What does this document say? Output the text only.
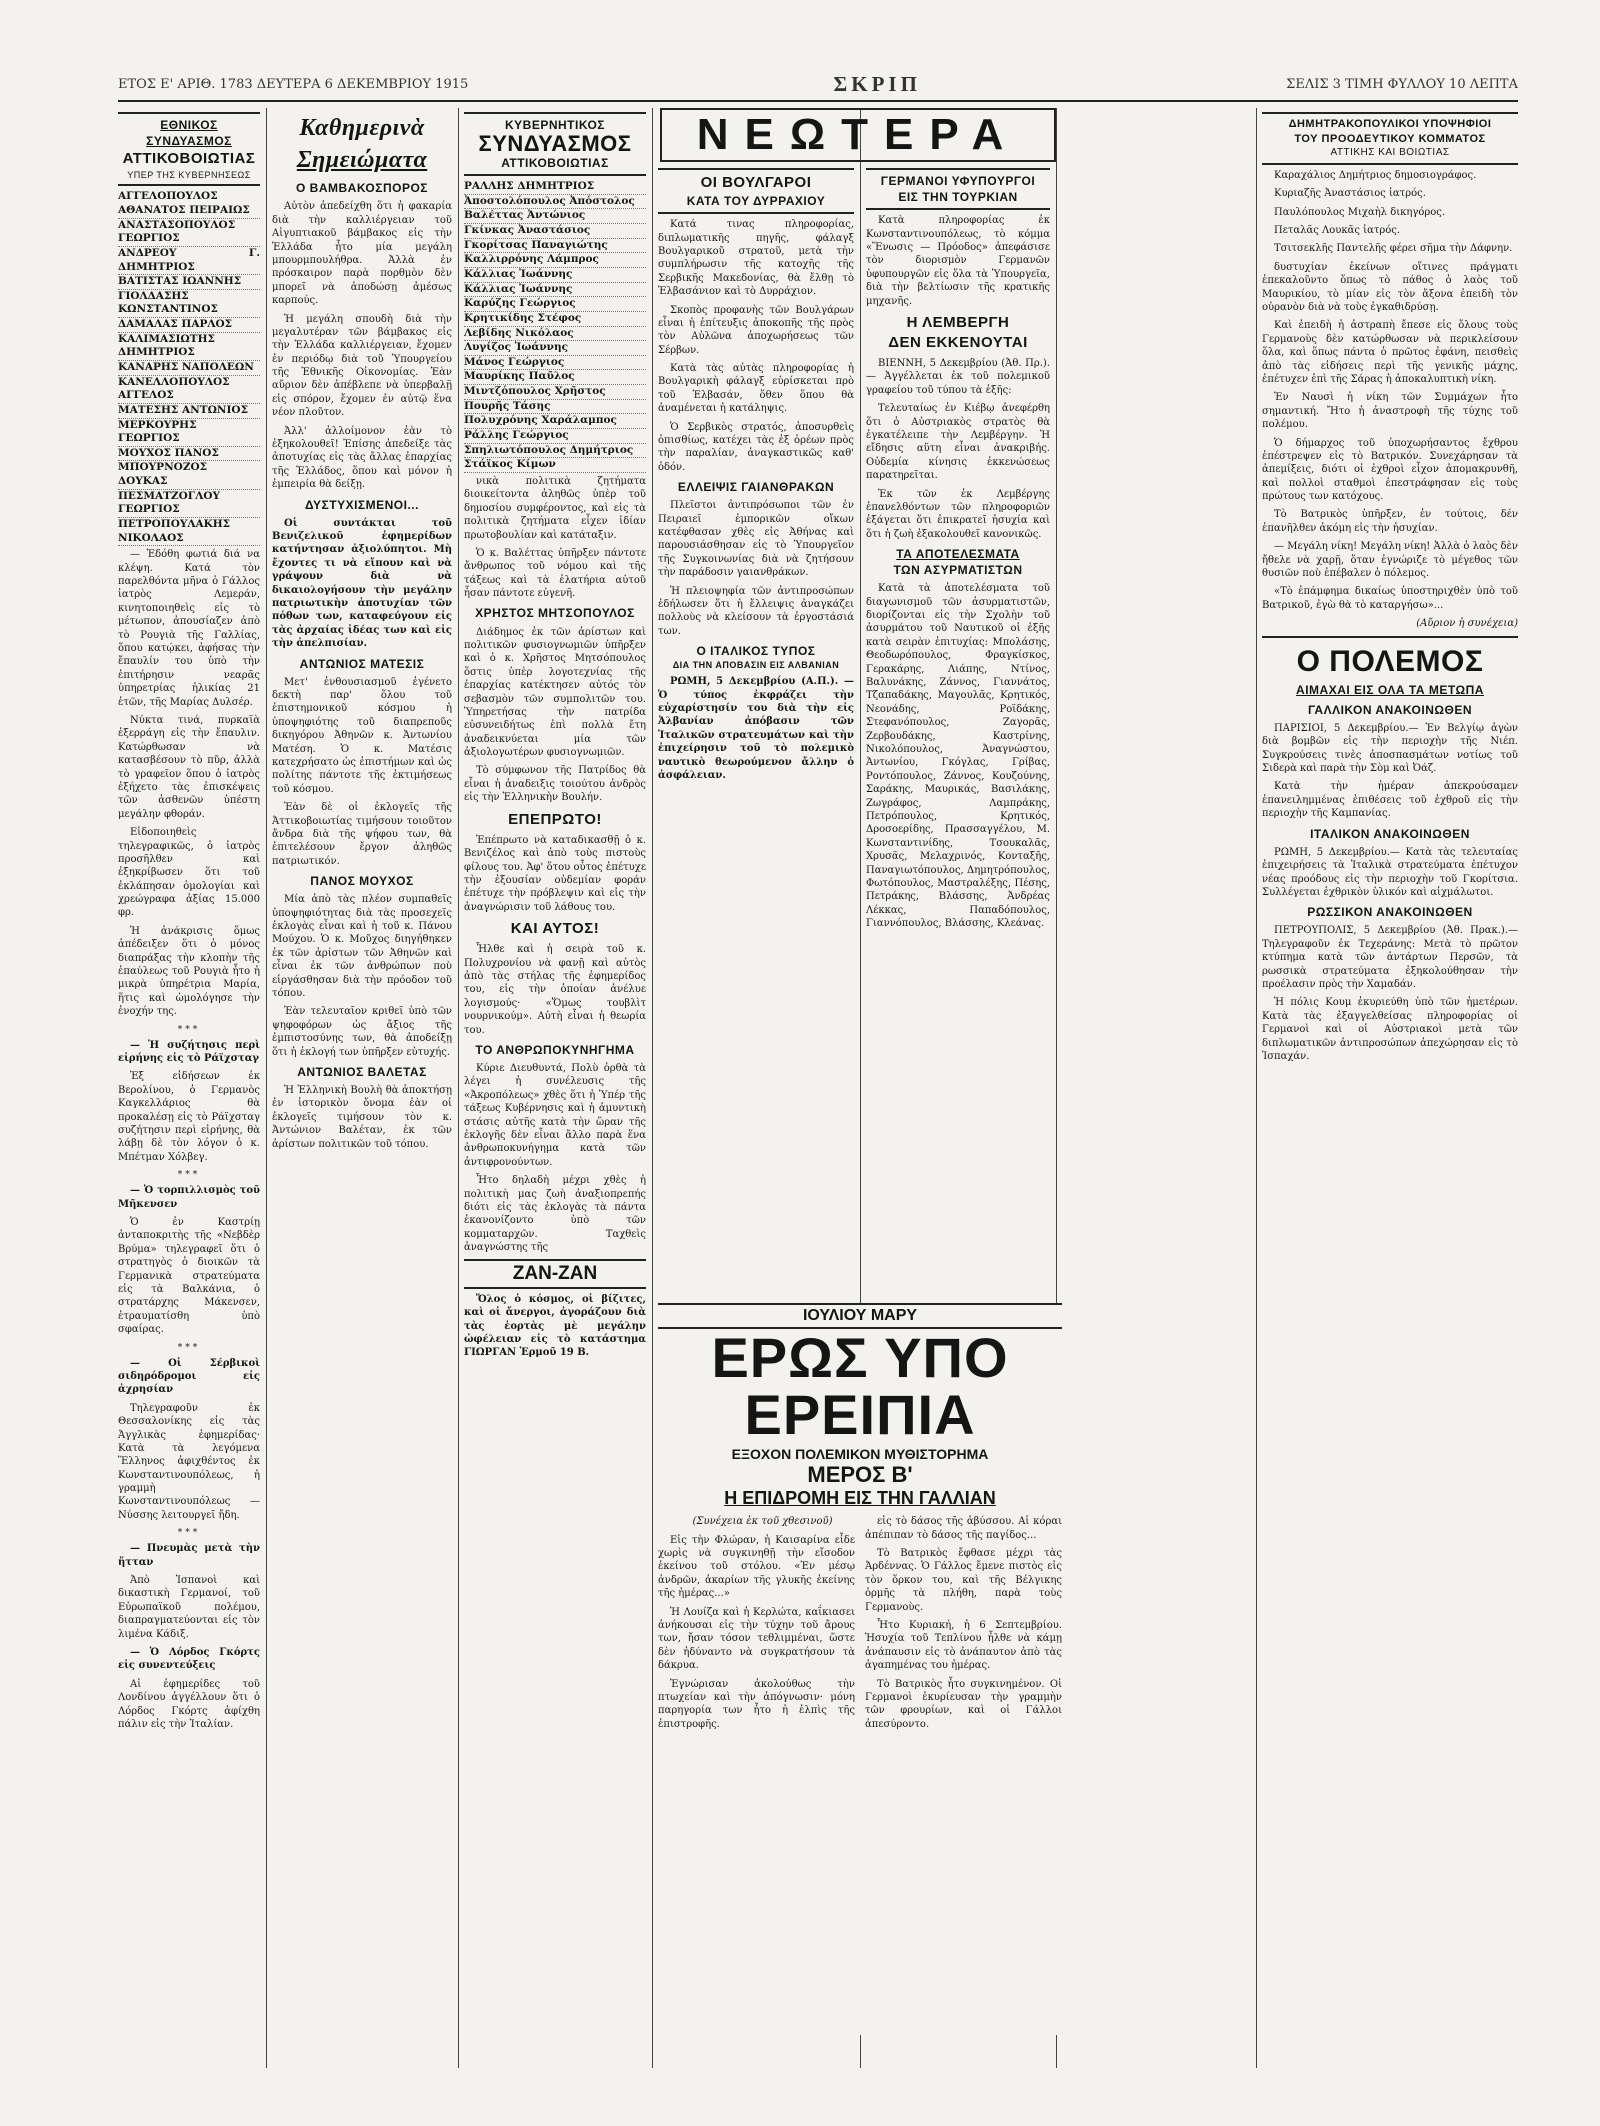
ΕΤΟΣ Ε' ΑΡΙΘ. 1783 ΔΕΥΤΕΡΑ 6 ΔΕΚΕΜΒΡΙΟΥ 1915	ΣΚΡΙΠ	ΣΕΛΙΣ 3 ΤΙΜΗ ΦΥΛΛΟΥ 10 ΛΕΠΤΑ
ΕΘΝΙΚΟΣ ΣΥΝΔΥΑΣΜΟΣ
ΑΤΤΙΚΟΒΟΙΩΤΙΑΣ
ΥΠΕΡ ΤΗΣ ΚΥΒΕΡΝΗΣΕΩΣ
ΑΓΓΕΛΟΠΟΥΛΟΣ ΑΘΑΝΑΤΟΣ ΠΕΙΡΑΙΩΣ
ΑΝΑΣΤΑΣΟΠΟΥΛΟΣ ΓΕΩΡΓΙΟΣ
ΑΝΔΡΕΟΥ Γ. ΔΗΜΗΤΡΙΟΣ
ΒΑΤΙΣΤΑΣ ΙΩΑΝΝΗΣ
ΓΙΟΛΔΑΣΗΣ ΚΩΝΣΤΑΝΤΙΝΟΣ
ΔΑΜΑΛΑΣ ΠΑΡΛΟΣ
ΚΑΛΙΜΑΣΙΩΤΗΣ ΔΗΜΗΤΡΙΟΣ
ΚΑΝΑΡΗΣ ΝΑΠΟΛΕΩΝ
ΚΑΝΕΛΛΟΠΟΥΛΟΣ ΑΓΓΕΛΟΣ
ΜΑΤΕΣΗΣ ΑΝΤΩΝΙΟΣ
ΜΕΡΚΟΥΡΗΣ ΓΕΩΡΓΙΟΣ
ΜΟΥΧΟΣ ΠΑΝΟΣ
ΜΠΟΥΡΝΟΖΟΣ ΔΟΥΚΑΣ
ΠΕΣΜΑΤΖΟΓΛΟΥ ΓΕΩΡΓΙΟΣ
ΠΕΤΡΟΠΟΥΛΑΚΗΣ ΝΙΚΟΛΑΟΣ

— Ἐδόθη φωτιά διά να κλέψη. Κατά τὸν παρελθόντα μῆνα ὁ Γάλλος ἰατρὸς Λεμεράν, κινητοποιηθεὶς εἰς τὸ μέτωπον, ἀπουσίαζεν ἀπὸ τὸ Ρουγιὰ τῆς Γαλλίας, ὅπου κατῴκει, ἀφήσας τὴν ἔπαυλίν του ὑπὸ τὴν ἐπιτήρησιν νεαρᾶς ὑπηρετρίας ἡλικίας 21 ἐτῶν, τῆς Μαρίας Δυλσέρ.

Νύκτα τινά, πυρκαϊὰ ἐξερράγη εἰς τὴν ἔπαυλιν. Κατώρθωσαν νὰ κατασβέσουν τὸ πῦρ, ἀλλὰ τὸ γραφεῖον ὅπου ὁ ἰατρὸς ἐξήχετο τὰς ἐπισκέψεις τῶν ἀσθενῶν ὑπέστη μεγάλην φθοράν.

Εἰδοποιηθεὶς τηλεγραφικῶς, ὁ ἰατρὸς προσῆλθεν καὶ ἐξηκρίβωσεν ὅτι τοῦ ἐκλάπησαν ὁμολογίαι καὶ χρεώγραφα ἀξίας 15.000 φρ.

Ἡ ἀνάκρισις ὅμως ἀπέδειξεν ὅτι ὁ μόνος διαπράξας τὴν κλοπὴν τῆς ἐπαύλεως τοῦ Ρουγιὰ ἦτο ἡ μικρὰ ὑπηρέτρια Μαρία, ἥτις καὶ ὡμολόγησε τὴν ἐνοχήν της.

***

— Ἡ συζήτησις περὶ εἰρήνης εἰς τὸ Ράϊχσταγ

Ἐξ εἰδήσεων ἐκ Βερολίνου, ὁ Γερμανὸς Καγκελλάριος θὰ προκαλέσῃ εἰς τὸ Ράϊχσταγ συζήτησιν περὶ εἰρήνης, θὰ λάβῃ δὲ τὸν λόγον ὁ κ. Μπέτμαν Χόλβεγ.

***

— Ὁ τορπιλλισμὸς τοῦ Μῆκενσεν

Ὁ ἐν Καστρίῃ ἀνταποκριτὴς τῆς «Νεβδὲρ Βρύμα» τηλεγραφεῖ ὅτι ὁ στρατηγὸς ὁ διοικῶν τὰ Γερμανικὰ στρατεύματα εἰς τὰ Βαλκάνια, ὁ στρατάρχης Μάκενσεν, ἐτραυματίσθη ὑπὸ σφαίρας.

***

— Οἱ Σέρβικοὶ σιδηρόδρομοι εἰς ἀχρησίαν

Τηλεγραφοῦν ἐκ Θεσσαλονίκης εἰς τὰς Ἀγγλικὰς ἐφημερίδας· Κατὰ τὰ λεγόμενα Ἕλληνος ἀφιχθέντος ἐκ Κωνσταντινουπόλεως, ἡ γραμμὴ Κωνσταντινουπόλεως — Νύσσης λειτουργεῖ ἤδη.

***

— Πνευμὰς μετὰ τὴν ἥτταν

Ἀπὸ Ἰσπανοὶ καὶ δικαστικὴ Γερμανοί, τοῦ Εὐρωπαϊκοῦ πολέμου, διαπραγματεύονται εἰς τὸν λιμένα Κάδιξ.

— Ὁ Λόρδος Γκόρτς εἰς συνεντεύξεις

Αἱ ἐφημερίδες τοῦ Λονδίνου ἀγγέλλουν ὅτι ὁ Λόρδος Γκόρτς ἀφίχθη πάλιν εἰς τὴν Ἰταλίαν.

Καθημερινὰ
Σημειώματα
Ο ΒΑΜΒΑΚΟΣΠΟΡΟΣ

Αὐτὸν ἀπεδείχθη ὅτι ἡ φακαρία διὰ τὴν καλλιέργειαν τοῦ Αἰγυπτιακοῦ βάμβακος εἰς τὴν Ἑλλάδα ἦτο μία μεγάλη μπουρμπουλήθρα. Ἀλλὰ ἐν πρόσκαιρον παρὰ πορθμὸν δὲν μπορεῖ νὰ ἀποδώσῃ ἀμέσως καρπούς.

Ἡ μεγάλη σπουδὴ διὰ τὴν μεγαλυτέραν τῶν βάμβακος εἰς τὴν Ἑλλάδα καλλιέργειαν, ἔχομεν ἐν περιόδῳ διὰ τοῦ Ὑπουργείου τῆς Ἐθνικῆς Οἰκονομίας. Ἐὰν αὔριον δὲν ἀπέβλεπε νὰ ὑπερβαλῇ εἰς σπόρον, ἔχομεν ἐν αὐτῷ ἕνα νέον πλοῦτον.

Ἀλλ' ἀλλοίμονον ἐὰν τὸ ἐξηκολουθεῖ! Ἐπίσης ἀπεδείξε τὰς ἀποτυχίας εἰς τὰς ἄλλας ἐπαρχίας τῆς Ἑλλάδος, ὅπου καὶ μόνον ἡ ἐμπειρία θὰ δείξῃ.

ΔΥΣΤΥΧΙΣΜΕΝΟΙ...

Οἱ συντάκται τοῦ Βενιζελικοῦ ἐφημερίδων κατήντησαν ἀξιολύπητοι. Μὴ ἔχοντες τι νὰ εἴπουν καὶ νὰ γράψουν διὰ νὰ δικαιολογήσουν τὴν μεγάλην πατριωτικὴν ἀποτυχίαν τῶν πόθων των, καταφεύγουν εἰς τὰς ἀρχαίας ἰδέας των καὶ εἰς τὴν ἀπελπισίαν.

ΑΝΤΩΝΙΟΣ ΜΑΤΕΣΙΣ

Μετ' ἐνθουσιασμοῦ ἐγένετο δεκτὴ παρ' ὅλου τοῦ ἐπιστημονικοῦ κόσμου ἡ ὑποψηφιότης τοῦ διαπρεποῦς δικηγόρου Ἀθηνῶν κ. Ἀντωνίου Ματέση. Ὁ κ. Ματέσις κατεχρήσατο ὡς ἐπιστήμων καὶ ὡς πολίτης πάντοτε τῆς ἐκτιμήσεως τοῦ κόσμου.

Ἐὰν δὲ οἱ ἐκλογεῖς τῆς Ἀττικοβοιωτίας τιμήσουν τοιοῦτον ἄνδρα διὰ τῆς ψήφου των, θὰ ἐπιτελέσουν ἔργον ἀληθῶς πατριωτικόν.

ΠΑΝΟΣ ΜΟΥΧΟΣ

Μία ἀπὸ τὰς πλέον συμπαθεῖς ὑποψηφιότητας διὰ τὰς προσεχεῖς ἐκλογὰς εἶναι καὶ ἡ τοῦ κ. Πάνου Μούχου. Ὁ κ. Μοῦχος διηγήθηκεν ἐκ τῶν ἀρίστων τῶν Ἀθηνῶν καὶ εἶναι ἐκ τῶν ἀνθρώπων ποὺ εἰργάσθησαν διὰ τὴν πρόοδον τοῦ τόπου.

Ἐὰν τελευταῖον κριθεῖ ὑπὸ τῶν ψηφοφόρων ὡς ἄξιος τῆς ἐμπιστοσύνης των, θὰ ἀποδείξῃ ὅτι ἡ ἐκλογή των ὑπῆρξεν εὐτυχής.

ΑΝΤΩΝΙΟΣ ΒΑΛΕΤΑΣ

Ἡ Ἑλληνικὴ Βουλὴ θὰ ἀποκτήσῃ ἐν ἰστορικὸν ὄνομα ἐὰν οἱ ἐκλογεῖς τιμήσουν τὸν κ. Ἀντώνιον Βαλέταν, ἐκ τῶν ἀρίστων πολιτικῶν τοῦ τόπου.

ΚΥΒΕΡΝΗΤΙΚΟΣ
ΣΥΝΔΥΑΣΜΟΣ
ΑΤΤΙΚΟΒΟΙΩΤΙΑΣ
ΡΑΛΛΗΣ ΔΗΜΗΤΡΙΟΣ
Ἀποστολόπουλος Ἀπόστολος
Βαλέττας Ἀντώνιος
Γκίνκας Ἀναστάσιος
Γκορίτσας Παναγιώτης
Καλλιρρόνης Λάμπρος
Κάλλιας Ἰωάννης
Κάλλιας Ἰωάννης
Καρύζης Γεώργιος
Κρητικίδης Στέφος
Λεβίδης Νικόλαος
Λυγίζος Ἰωάννης
Μάνος Γεώργιος
Μαυρίκης Παῦλος
Μιντζόπουλος Χρῆστος
Πουρῆς Τάσης
Πολυχρόνης Χαράλαμπος
Ράλλης Γεώργιος
Σπηλιωτόπουλος Δημήτριος
Στάϊκος Κίμων

νικὰ πολιτικὰ ζητήματα διοικείτοντα ἀληθῶς ὑπὲρ τοῦ δημοσίου συμφέροντος, καὶ εἰς τὰ πολιτικὰ ζητήματα εἶχεν ἰδίαν πρωτοβουλίαν καὶ κατάταξιν.

Ὁ κ. Βαλέττας ὑπῆρξεν πάντοτε ἄνθρωπος τοῦ νόμου καὶ τῆς τάξεως καὶ τὰ ἐλατήρια αὐτοῦ ἦσαν πάντοτε εὐγενῆ.

ΧΡΗΣΤΟΣ ΜΗΤΣΟΠΟΥΛΟΣ

Διάδημος ἐκ τῶν ἀρίστων καὶ πολιτικῶν φυσιογνωμιῶν ὑπῆρξεν καὶ ὁ κ. Χρῆστος Μητσόπουλος ὅστις ὑπὲρ λογοτεχνίας τῆς ἐπαρχίας κατέκτησεν αὐτός τὸν σεβασμὸν τῶν συμπολιτῶν του. Ὑπηρετήσας τὴν πατρίδα εὐσυνειδήτως ἐπὶ πολλὰ ἔτη ἀναδεικνύεται μία τῶν ἀξιολογωτέρων φυσιογνωμιῶν.

Τὸ σύμφωνον τῆς Πατρίδος θὰ εἶναι ἡ ἀναδειξις τοιούτου ἀνδρὸς εἰς τὴν Ἑλληνικὴν Βουλήν.

ΕΠΕΠΡΩΤΟ!

Ἐπέπρωτο νὰ καταδικασθῇ ὁ κ. Βενιζέλος καὶ ἀπὸ τοὺς πιστοὺς φίλους του. Ἀφ' ὅτου οὗτος ἐπέτυχε τὴν ἐξουσίαν οὐδεμίαν φοράν ἐπέτυχε τὴν πρόβλεψιν καὶ εἰς τὴν ἀναγνώρισιν τοῦ λάθους του.

ΚΑΙ ΑΥΤΟΣ!

Ἦλθε καὶ ἡ σειρὰ τοῦ κ. Πολυχρονίου νὰ φανῇ καὶ αὐτὸς ἀπὸ τὰς στήλας τῆς ἐφημερίδος του, εἰς τὴν ὁποίαν ἀνέλυε λογισμούς· «Ὅμως τουβλὶτ νουρνικούμ». Αὐτὴ εἶναι ἡ θεωρία του.

ΤΟ ΑΝΘΡΩΠΟΚΥΝΗΓΗΜΑ

Κύριε Διευθυντά, Πολὺ ὀρθὰ τὰ λέγει ἡ συνέλευσις τῆς «Ἀκροπόλεως» χθὲς ὅτι ἡ Ὑπέρ τῆς τάξεως Κυβέρνησις καὶ ἡ ἀμυντικὴ στάσις αὐτῆς κατὰ τὴν ὥραν τῆς ἐκλογῆς δὲν εἶναι ἄλλο παρὰ ἕνα ἀνθρωποκυνήγημα κατὰ τῶν ἀντιφρονούντων.

Ἦτο δηλαδὴ μέχρι χθὲς ἡ πολιτικὴ μας ζωὴ ἀναξιοπρεπής διότι εἰς τὰς ἐκλογὰς τὰ πάντα ἐκανονίζοντο ὑπὸ τῶν κομματαρχῶν. Ταχθεὶς ἀναγνώστης τῆς

ZAN-ZAN

Ὅλος ὁ κόσμος, οἱ βίζιτες, καὶ οἱ ἄνεργοι, ἀγοράζουν διὰ τὰς ἑορτὰς μὲ μεγάλην ὠφέλειαν εἰς τὸ κατάστημα ΓΙΩΡΓΑΝ Ἑρμοῦ 19 Β.

ΟΙ ΒΟΥΛΓΑΡΟΙ
ΚΑΤΑ ΤΟΥ ΔΥΡΡΑΧΙΟΥ

Κατά τινας πληροφορίας, διπλωματικῆς πηγῆς, φάλαγξ Βουλγαρικοῦ στρατοῦ, μετὰ τὴν συμπλήρωσιν τῆς κατοχῆς τῆς Σερβικῆς Μακεδονίας, θὰ ἔλθῃ τὸ Ἐλβασάνιον καὶ τὸ Δυρράχιον.

Σκοπὸς προφανὴς τῶν Βουλγάρων εἶναι ἡ ἐπίτευξις ἀποκοπῆς τῆς πρὸς τὸν Αὐλῶνα ἀποχωρήσεως τῶν Σέρβων.

Κατὰ τὰς αὐτὰς πληροφορίας ἡ Βουλγαρικὴ φάλαγξ εὑρίσκεται πρὸ τοῦ Ἐλβασάν, ὅθεν ὅπου θὰ ἀναμένεται ἡ κατάληψις.

Ὁ Σερβικὸς στρατός, ἀποσυρθεὶς ὀπισθίως, κατέχει τὰς ἐξ ὀρέων πρὸς τὴν παραλίαν, ἀναγκαστικῶς καθ' ὁδόν.

ΕΛΛΕΙΨΙΣ ΓΑΙΑΝΘΡΑΚΩΝ

Πλεῖστοι ἀντιπρόσωποι τῶν ἐν Πειραιεῖ ἐμπορικῶν οἴκων κατέφθασαν χθὲς εἰς Ἀθήνας καὶ παρουσιάσθησαν εἰς τὸ Ὑπουργεῖον τῆς Συγκοινωνίας διὰ νὰ ζητήσουν τὴν παράδοσιν γαιανθράκων.

Ἡ πλειοψηφία τῶν ἀντιπροσώπων ἐδήλωσεν ὅτι ἡ ἔλλειψις ἀναγκάζει πολλοὺς νὰ κλείσουν τὰ ἐργοστάσιά των.

Ο ΙΤΑΛΙΚΟΣ ΤΥΠΟΣ
ΔΙΑ ΤΗΝ ΑΠΟΒΑΣΙΝ ΕΙΣ ΑΛΒΑΝΙΑΝ

ΡΩΜΗ, 5 Δεκεμβρίου (Α.Π.). — Ὁ τύπος ἐκφράζει τὴν εὐχαρίστησίν του διὰ τὴν εἰς Ἀλβανίαν ἀπόβασιν τῶν Ἰταλικῶν στρατευμάτων καὶ τὴν ἐπιχείρησιν τοῦ τὸ πολεμικὸ ναυτικὸ θεωρούμενον ἄλλην ὁ ἀσφάλειαν.

ΓΕΡΜΑΝΟΙ ΥΦΥΠΟΥΡΓΟΙ
ΕΙΣ ΤΗΝ ΤΟΥΡΚΙΑΝ

Κατὰ πληροφορίας ἐκ Κωνσταντινουπόλεως, τὸ κόμμα «Ἕνωσις — Πρόοδος» ἀπεφάσισε τὸν διορισμὸν Γερμανῶν ὑφυπουργῶν εἰς ὅλα τὰ Ὑπουργεῖα, διὰ τὴν βελτίωσιν τῆς κρατικῆς μηχανῆς.

Η ΛΕΜΒΕΡΓΗ
ΔΕΝ ΕΚΚΕΝΟΥΤΑΙ

ΒΙΕΝΝΗ, 5 Δεκεμβρίου (Ἀθ. Πρ.). — Ἀγγέλλεται ἐκ τοῦ πολεμικοῦ γραφείου τοῦ τύπου τὰ ἑξῆς:

Τελευταίως ἐν Κιέβῳ ἀνεφέρθη ὅτι ὁ Αὐστριακὸς στρατὸς θὰ ἐγκατέλειπε τὴν Λεμβέργην. Ἡ εἴδησις αὕτη εἶναι ἀνακριβής. Οὐδεμία κίνησις ἐκκενώσεως παρατηρεῖται.

Ἐκ τῶν ἐκ Λεμβέργης ἐπανελθόντων τῶν πληροφοριῶν ἐξάγεται ὅτι ἐπικρατεῖ ἡσυχία καὶ ὅτι ἡ ζωὴ ἐξακολουθεῖ κανονικῶς.

ΤΑ ΑΠΟΤΕΛΕΣΜΑΤΑ
ΤΩΝ ΑΣΥΡΜΑΤΙΣΤΩΝ

Κατὰ τὰ ἀποτελέσματα τοῦ διαγωνισμοῦ τῶν ἀσυρματιστῶν, διορίζονται εἰς τὴν Σχολὴν τοῦ ἀσυρμάτου τοῦ Ναυτικοῦ οἱ ἑξῆς κατὰ σειρὰν ἐπιτυχίας: Μπολάσης, Θεοδωρόπουλος, Φραγκίσκος, Γερακάρης, Λιάπης, Ντίνος, Βαλυνάκης, Ζάννος, Γιαννάτος, Τζαπαδάκης, Μαγουλᾶς, Κρητικός, Νεονάδης, Ροϊδάκης, Στεφανόπουλος, Ζαγορᾶς, Ζερβουδάκης, Καστρίνης, Νικολόπουλος, Ἀναγνώστου, Ἀντωνίου, Γκόγλας, Γρίβας, Ροντόπουλος, Ζάννος, Κουζούνης, Σαράκης, Μαυρικάς, Βασιλάκης, Ζωγράφος, Λαμπράκης, Πετρόπουλος, Κρητικός, Δροσοερίδης, Πρασσαγγέλου, Μ. Κωνσταντινίδης, Τσουκαλᾶς, Χρυσᾶς, Μελαχρινός, Κονταξῆς, Παναγιωτόπουλος, Δημητρόπουλος, Φωτόπουλος, Μαστραλέξης, Πέσης, Πετράκης, Βλάσσης, Ἀνδρέας Λέκκας, Παπαδόπουλος, Γιαννόπουλος, Βλάσσης, Κλεάνας.

ΝΕΩΤΕΡΑ
ΙΟΥΛΙΟΥ ΜΑΡΥ
ΕΡΩΣ ΥΠΟ ΕΡΕΙΠΙΑ
ΕΞΟΧΟΝ ΠΟΛΕΜΙΚΟΝ ΜΥΘΙΣΤΟΡΗΜΑ
ΜΕΡΟΣ Β'
Η ΕΠΙΔΡΟΜΗ ΕΙΣ ΤΗΝ ΓΑΛΛΙΑΝ

(Συνέχεια ἐκ τοῦ χθεσινοῦ)

Εἰς τὴν Φλώραν, ἡ Καισαρίνα εἶδε χωρὶς νὰ συγκινηθῇ τὴν εἴσοδον ἐκείνου τοῦ στόλου. «Ἐν μέσῳ ἀνδρῶν, ἀκαρίων τῆς γλυκῆς ἐκείνης τῆς ἡμέρας...»

Ἡ Λουίζα καὶ ἡ Κερλώτα, καΐκιασει ἀνήκουσαι εἰς τὴν τύχην τοῦ ἄρους των, ἤσαν τόσον τεθλιμμέναι, ὥστε δὲν ἠδύναντο νὰ συγκρατήσουν τὰ δάκρυα.

Ἐγνώρισαν ἀκολούθως τὴν πτωχείαν καὶ τὴν ἀπόγνωσιν· μόνη παρηγορία των ἦτο ἡ ἐλπὶς τῆς ἐπιστροφῆς.

εἰς τὸ δάσος τῆς ἀβύσσου. Αἱ κόραι ἀπέπιπαν τὸ δάσος τῆς παγίδος...

Τὸ Βατρικὸς ἔφθασε μέχρι τὰς Ἀρδέννας. Ὁ Γάλλος ἔμενε πιστὸς εἰς τὸν ὅρκον του, καὶ τῆς Βέλγικης ὁρμῆς τὰ πλήθη, παρὰ τοὺς Γερμανοὺς.

Ἦτο Κυριακή, ἡ 6 Σεπτεμβρίου. Ἡσυχία τοῦ Τεπλίνου ἦλθε νὰ κάμῃ ἀνάπαυσιν εἰς τὸ ἀνάπαυτον ἀπὸ τὰς ἀγαπημένας του ἡμέρας.

Τὸ Βατρικὸς ἦτο συγκινημένον. Οἱ Γερμανοὶ ἐκυρίευσαν τὴν γραμμὴν τῶν φρουρίων, καὶ οἱ Γάλλοι ἀπεσύροντο.

ΔΗΜΗΤΡΑΚΟΠΟΥΛΙΚΟΙ ΥΠΟΨΗΦΙΟΙ
ΤΟΥ ΠΡΟΟΔΕΥΤΙΚΟΥ ΚΟΜΜΑΤΟΣ
ΑΤΤΙΚΗΣ ΚΑΙ ΒΟΙΩΤΙΑΣ

Καραχάλιος Δημήτριος δημοσιογράφος.

Κυριαζῆς Ἀναστάσιος ἰατρός.

Παυλόπουλος Μιχαὴλ δικηγόρος.

Πεταλᾶς Λουκᾶς ἰατρός.

Τσιτσεκλῆς Παντελῆς φέρει σῆμα τὴν Δάφνην.

δυστυχίαν ἐκείνων οἵτινες πράγματι ἐπεκαλοῦντο ὅπως τὸ πάθος ὁ λαὸς τοῦ Μαυρικίου, τὸ μίαν εἰς τὸν ἄξονα ἐπειδὴ τὸν οὐρανὸν διὰ νὰ τοὺς ἐγκαθιδρύσῃ.

Καὶ ἐπειδὴ ἡ ἀστραπὴ ἔπεσε εἰς ὅλους τοὺς Γερμανοὺς δὲν κατώρθωσαν νὰ περικλείσουν ὅλα, καὶ ὅπως πάντα ὁ πρῶτος ἐφάνη, πεισθεὶς ἀπὸ τὰς εἰδήσεις περὶ τῆς γενικῆς μάχης, ἐπέτυχεν ἐπὶ τῆς Σάρας ἡ ἀποκαλυπτικὴ νίκη.

Ἐν Ναυσὶ ἡ νίκη τῶν Συμμάχων ἦτο σημαντική. Ἤτο ἡ ἀναστροφὴ τῆς τύχης τοῦ πολέμου.

Ὁ δήμαρχος τοῦ ὑποχωρήσαντος ἔχθρου ἐπέστρεψεν εἰς τὸ Βατρικόν. Συνεχάρησαν τὰ ἀπεμίξεις, διότι οἱ ἐχθροὶ εἶχον ἀπομακρυνθῆ, καὶ πολλοὶ σταθμοὶ ἐπεστράφησαν εἰς τοὺς πρώτους των κατόχους.

Τὸ Βατρικὸς ὑπῆρξεν, ἐν τούτοις, δέν ἐπανῆλθεν ἀκόμη εἰς τὴν ἡσυχίαν.

— Μεγάλη νίκη! Μεγάλη νίκη! Ἀλλὰ ὁ λαὸς δὲν ἤθελε νὰ χαρῇ, ὅταν ἐγνώριζε τὸ μέγεθος τῶν θυσιῶν ποὺ ἐπέβαλεν ὁ πόλεμος.

«Τὸ ἐπάμφημα δικαίως ὑποστηριχθὲν ὑπὸ τοῦ Βατρικοῦ, ἐγὼ θὰ τὸ καταργήσω»...

(Αὔριον ἡ συνέχεια)

Ο ΠΟΛΕΜΟΣ
ΑΙΜΑΧΑΙ ΕΙΣ ΟΛΑ ΤΑ ΜΕΤΩΠΑ
ΓΑΛΛΙΚΟΝ ΑΝΑΚΟΙΝΩΘΕΝ

ΠΑΡΙΣΙΟΙ, 5 Δεκεμβρίου.— Ἐν Βελγίῳ ἀγὼν διὰ βομβῶν εἰς τὴν περιοχὴν τῆς Νιέπ. Συγκρούσεις τινὲς ἀποσπασμάτων νοτίως τοῦ Σιδερὰ καὶ παρὰ τὴν Σὸμ καὶ Ὀάζ.

Κατὰ τὴν ἡμέραν ἀπεκρούσαμεν ἐπανειλημμένας ἐπιθέσεις τοῦ ἐχθροῦ εἰς τὴν περιοχὴν τῆς Καμπανίας.

ΙΤΑΛΙΚΟΝ ΑΝΑΚΟΙΝΩΘΕΝ

ΡΩΜΗ, 5 Δεκεμβρίου.— Κατὰ τὰς τελευταίας ἐπιχειρήσεις τὰ Ἰταλικὰ στρατεύματα ἐπέτυχον νέας προόδους εἰς τὴν περιοχὴν τοῦ Γκορίτσια. Συλλέγεται ἐχθρικὸν ὑλικόν καὶ αἰχμάλωτοι.

ΡΩΣΣΙΚΟΝ ΑΝΑΚΟΙΝΩΘΕΝ

ΠΕΤΡΟΥΠΟΛΙΣ, 5 Δεκεμβρίου (Ἀθ. Πρακ.).— Τηλεγραφοῦν ἐκ Τεχεράνης: Μετὰ τὸ πρῶτον κτύπημα κατὰ τῶν ἀντάρτων Περσῶν, τὰ ρωσσικὰ στρατεύματα ἐξηκολούθησαν τὴν προέλασιν πρὸς τὴν Χαμαδάν.

Ἡ πόλις Κουμ ἐκυριεύθη ὑπὸ τῶν ἡμετέρων. Κατὰ τὰς ἐξαγγελθείσας πληροφορίας οἱ Γερμανοὶ καὶ οἱ Αὐστριακοὶ μετὰ τῶν διπλωματικῶν ἀντιπροσώπων ἀπεχώρησαν εἰς τὸ Ἰσπαχάν.
